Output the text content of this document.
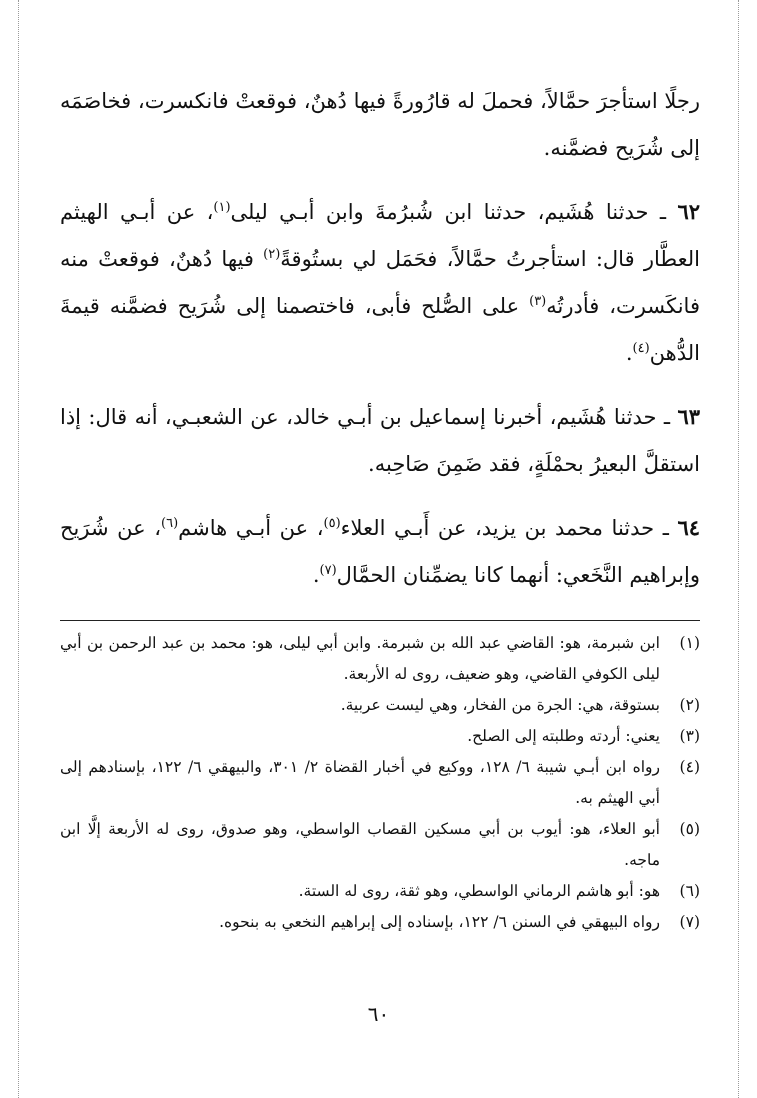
رجلًا استأجرَ حمَّالاً، فحملَ له قارُورةً فيها دُهنٌ، فوقعتْ فانكسرت، فخاصَمَه إلى شُرَيح فضمَّنه.

٦٢ ـ حدثنا هُشَيم، حدثنا ابن شُبرُمةَ وابن أبـي ليلى$^{(١)}$، عن أبـي الهيثم العطَّار قال: استأجرتُ حمَّالاً، فحَمَل لي بستُوقةً$^{(٢)}$ فيها دُهنٌ، فوقعتْ منه فانكَسرت، فأدرتُه$^{(٣)}$ على الصُّلح فأبى، فاختصمنا إلى شُرَيح فضمَّنه قيمةَ الدُّهن$^{(٤)}$.

٦٣ ـ حدثنا هُشَيم، أخبرنا إسماعيل بن أبـي خالد، عن الشعبـي، أنه قال: إذا استقلَّ البعيرُ بحمْلَةٍ، فقد ضَمِنَ صَاحِبه.

٦٤ ـ حدثنا محمد بن يزيد، عن أَبـي العلاء$^{(٥)}$، عن أبـي هاشم$^{(٦)}$، عن شُرَيح وإبراهيم النَّخَعي: أنهما كانا يضمِّنان الحمَّال$^{(٧)}$.

(١)
ابن شبرمة، هو: القاضي عبد الله بن شبرمة. وابن أبي ليلى، هو: محمد بن عبد الرحمن بن أبي ليلى الكوفي القاضي، وهو ضعيف، روى له الأربعة.
(٢)
بستوقة، هي: الجرة من الفخار، وهي ليست عربية.
(٣)
يعني: أردته وطلبته إلى الصلح.
(٤)
رواه ابن أبـي شيبة ٦/ ١٢٨، ووكيع في أخبار القضاة ٢/ ٣٠١، والبيهقي ٦/ ١٢٢، بإسنادهم إلى أبي الهيثم به.
(٥)
أبو العلاء، هو: أيوب بن أبي مسكين القصاب الواسطي، وهو صدوق، روى له الأربعة إلَّا ابن ماجه.
(٦)
هو: أبو هاشم الرماني الواسطي، وهو ثقة، روى له الستة.
(٧)
رواه البيهقي في السنن ٦/ ١٢٢، بإسناده إلى إبراهيم النخعي به بنحوه.
٦٠
